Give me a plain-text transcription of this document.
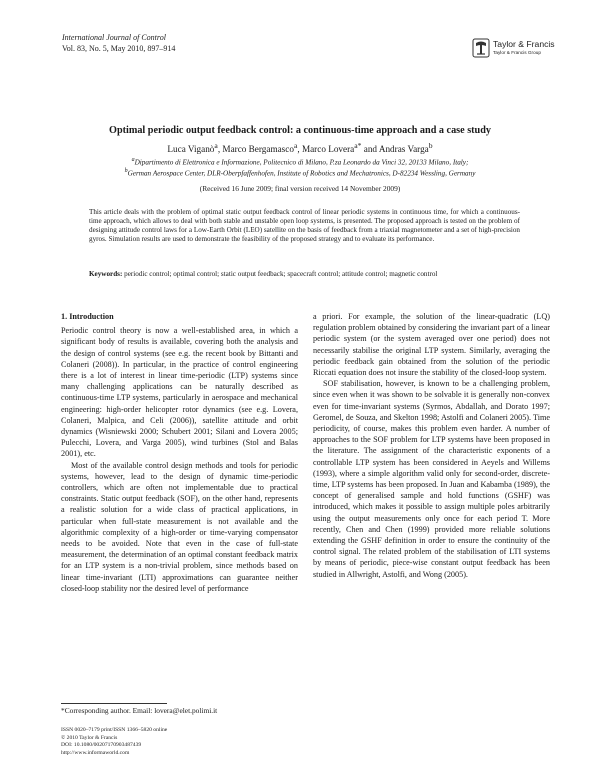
International Journal of Control
Vol. 83, No. 5, May 2010, 897–914	Taylor & Francis
Taylor & Francis Group
Optimal periodic output feedback control: a continuous-time approach and a case study
Luca Viganò$^a$, Marco Bergamasco$^a$, Marco Lovera$^{a*}$ and Andras Varga$^b$
$^a$Dipartimento di Elettronica e Informazione, Politecnico di Milano, P.za Leonardo da Vinci 32, 20133 Milano, Italy;
$^b$German Aerospace Center, DLR-Oberpfaffenhofen, Institute of Robotics and Mechatronics, D-82234 Wessling, Germany
(Received 16 June 2009; final version received 14 November 2009)
This article deals with the problem of optimal static output feedback control of linear periodic systems in continuous time, for which a continuous-time approach, which allows to deal with both stable and unstable open loop systems, is presented. The proposed approach is tested on the problem of designing attitude control laws for a Low-Earth Orbit (LEO) satellite on the basis of feedback from a triaxial magnetometer and a set of high-precision gyros. Simulation results are used to demonstrate the feasibility of the proposed strategy and to evaluate its performance.
Keywords: periodic control; optimal control; static output feedback; spacecraft control; attitude control; magnetic control
1. Introduction

Periodic control theory is now a well-established area, in which a significant body of results is available, covering both the analysis and the design of control systems (see e.g. the recent book by Bittanti and Colaneri (2008)). In particular, in the practice of control engineering there is a lot of interest in linear time-periodic (LTP) systems since many challenging applications can be naturally described as continuous-time LTP systems, particularly in aerospace and mechanical engineering: high-order helicopter rotor dynamics (see e.g. Lovera, Colaneri, Malpica, and Celi (2006)), satellite attitude and orbit dynamics (Wisniewski 2000; Schubert 2001; Silani and Lovera 2005; Pulecchi, Lovera, and Varga 2005), wind turbines (Stol and Balas 2001), etc.

Most of the available control design methods and tools for periodic systems, however, lead to the design of dynamic time-periodic controllers, which are often not implementable due to practical constraints. Static output feedback (SOF), on the other hand, represents a realistic solution for a wide class of practical applications, in particular when full-state measurement is not available and the algorithmic complexity of a high-order or time-varying compensator needs to be avoided. Note that even in the case of full-state measurement, the determination of an optimal constant feedback matrix for an LTP system is a non-trivial problem, since methods based on linear time-invariant (LTI) approximations can guarantee neither closed-loop stability nor the desired level of performance

a priori. For example, the solution of the linear-quadratic (LQ) regulation problem obtained by considering the invariant part of a linear periodic system (or the system averaged over one period) does not necessarily stabilise the original LTP system. Similarly, averaging the periodic feedback gain obtained from the solution of the periodic Riccati equation does not insure the stability of the closed-loop system.

SOF stabilisation, however, is known to be a challenging problem, since even when it was shown to be solvable it is generally non-convex even for time-invariant systems (Syrmos, Abdallah, and Dorato 1997; Geromel, de Souza, and Skelton 1998; Astolfi and Colaneri 2005). Time periodicity, of course, makes this problem even harder. A number of approaches to the SOF problem for LTP systems have been proposed in the literature. The assignment of the characteristic exponents of a controllable LTP system has been considered in Aeyels and Willems (1993), where a simple algorithm valid only for second-order, discrete-time, LTP systems has been proposed. In Juan and Kabamba (1989), the concept of generalised sample and hold functions (GSHF) was introduced, which makes it possible to assign multiple poles arbitrarily using the output measurements only once for each period T. More recently, Chen and Chen (1999) provided more reliable solutions extending the GSHF definition in order to ensure the continuity of the control signal. The related problem of the stabilisation of LTI systems by means of periodic, piece-wise constant output feedback has been studied in Allwright, Astolfi, and Wong (2005).

*Corresponding author. Email: lovera@elet.polimi.it
ISSN 0020–7179 print/ISSN 1366–5820 online
© 2010 Taylor & Francis
DOI: 10.1080/00207170903487439
http://www.informaworld.com
